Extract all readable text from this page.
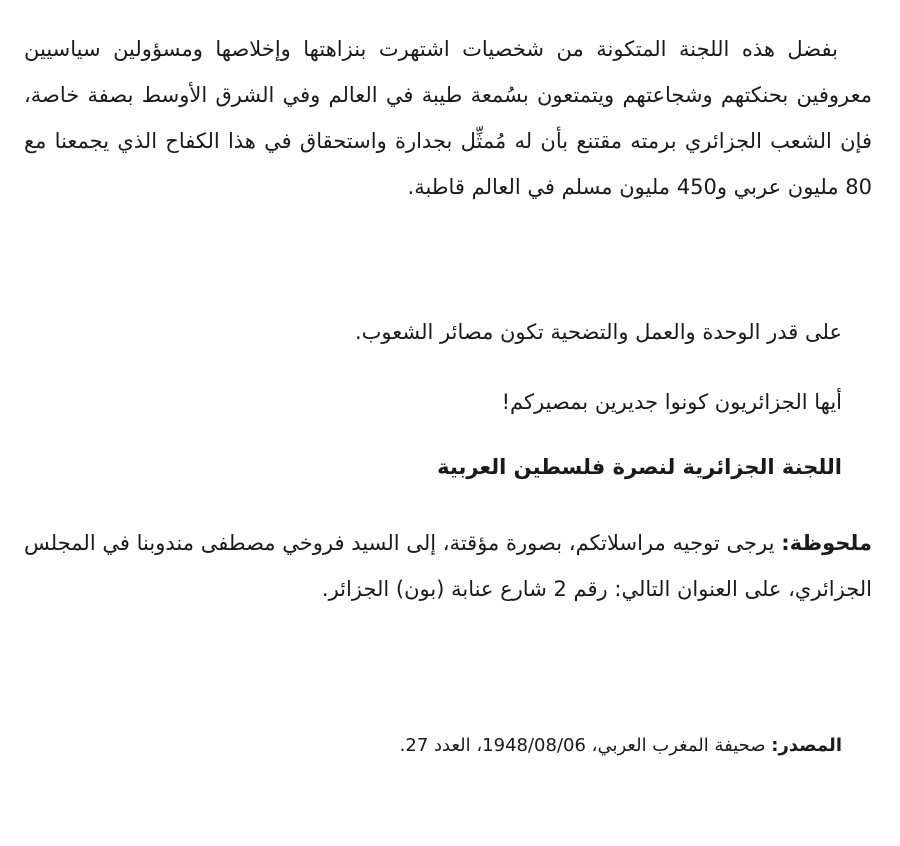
بفضل هذه اللجنة المتكونة من شخصيات اشتهرت بنزاهتها وإخلاصها ومسؤولين سياسيين معروفين بحنكتهم وشجاعتهم ويتمتعون بسُمعة طيبة في العالم وفي الشرق الأوسط بصفة خاصة، فإن الشعب الجزائري برمته مقتنع بأن له مُمثِّل بجدارة واستحقاق في هذا الكفاح الذي يجمعنا مع 80 مليون عربي و450 مليون مسلم في العالم قاطبة.

على قدر الوحدة والعمل والتضحية تكون مصائر الشعوب.

أيها الجزائريون كونوا جديرين بمصيركم!

اللجنة الجزائرية لنصرة فلسطين العربية

ملحوظة: يرجى توجيه مراسلاتكم، بصورة مؤقتة، إلى السيد فروخي مصطفى مندوبنا في المجلس الجزائري، على العنوان التالي: رقم 2 شارع عنابة (بون) الجزائر.

المصدر: صحيفة المغرب العربي، 1948/08/06، العدد 27.
